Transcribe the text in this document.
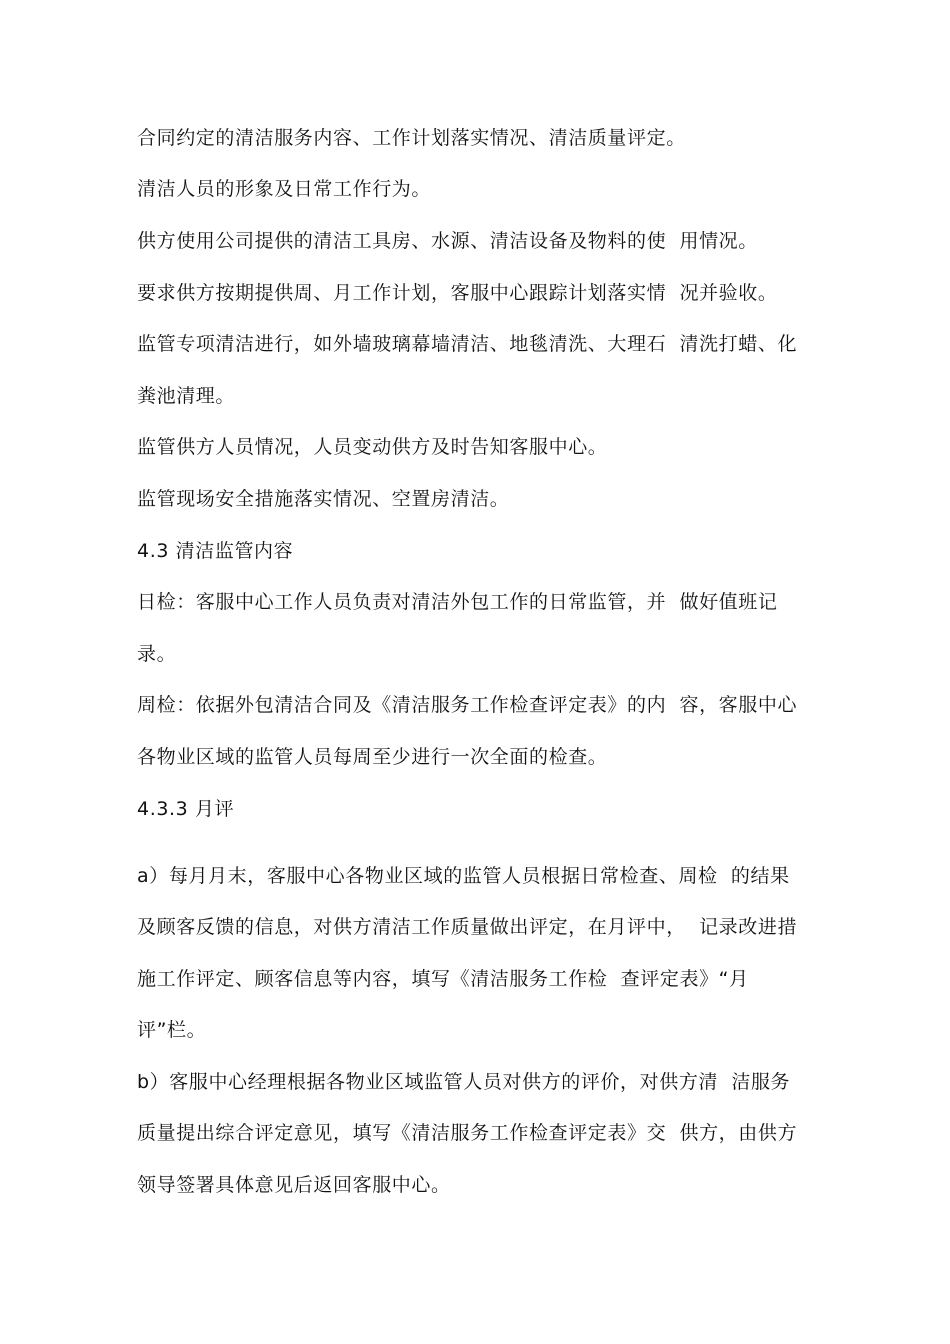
合同约定的清洁服务内容、工作计划落实情况、清洁质量评定。
清洁人员的形象及日常工作行为。
供方使用公司提供的清洁工具房、水源、清洁设备及物料的使  用情况。
要求供方按期提供周、月工作计划，客服中心跟踪计划落实情  况并验收。
监管专项清洁进行，如外墙玻璃幕墙清洁、地毯清洗、大理石  清洗打蜡、化
粪池清理。
监管供方人员情况，人员变动供方及时告知客服中心。
监管现场安全措施落实情况、空置房清洁。
4.3 清洁监管内容
日检：客服中心工作人员负责对清洁外包工作的日常监管，并  做好值班记
录。
周检：依据外包清洁合同及《清洁服务工作检查评定表》的内  容，客服中心
各物业区域的监管人员每周至少进行一次全面的检查。
4.3.3 月评
a）每月月末，客服中心各物业区域的监管人员根据日常检查、周检  的结果
及顾客反馈的信息，对供方清洁工作质量做出评定，在月评中，  记录改进措
施工作评定、顾客信息等内容，填写《清洁服务工作检  查评定表》“月
评”栏。
b）客服中心经理根据各物业区域监管人员对供方的评价，对供方清  洁服务
质量提出综合评定意见，填写《清洁服务工作检查评定表》交  供方，由供方
领导签署具体意见后返回客服中心。
